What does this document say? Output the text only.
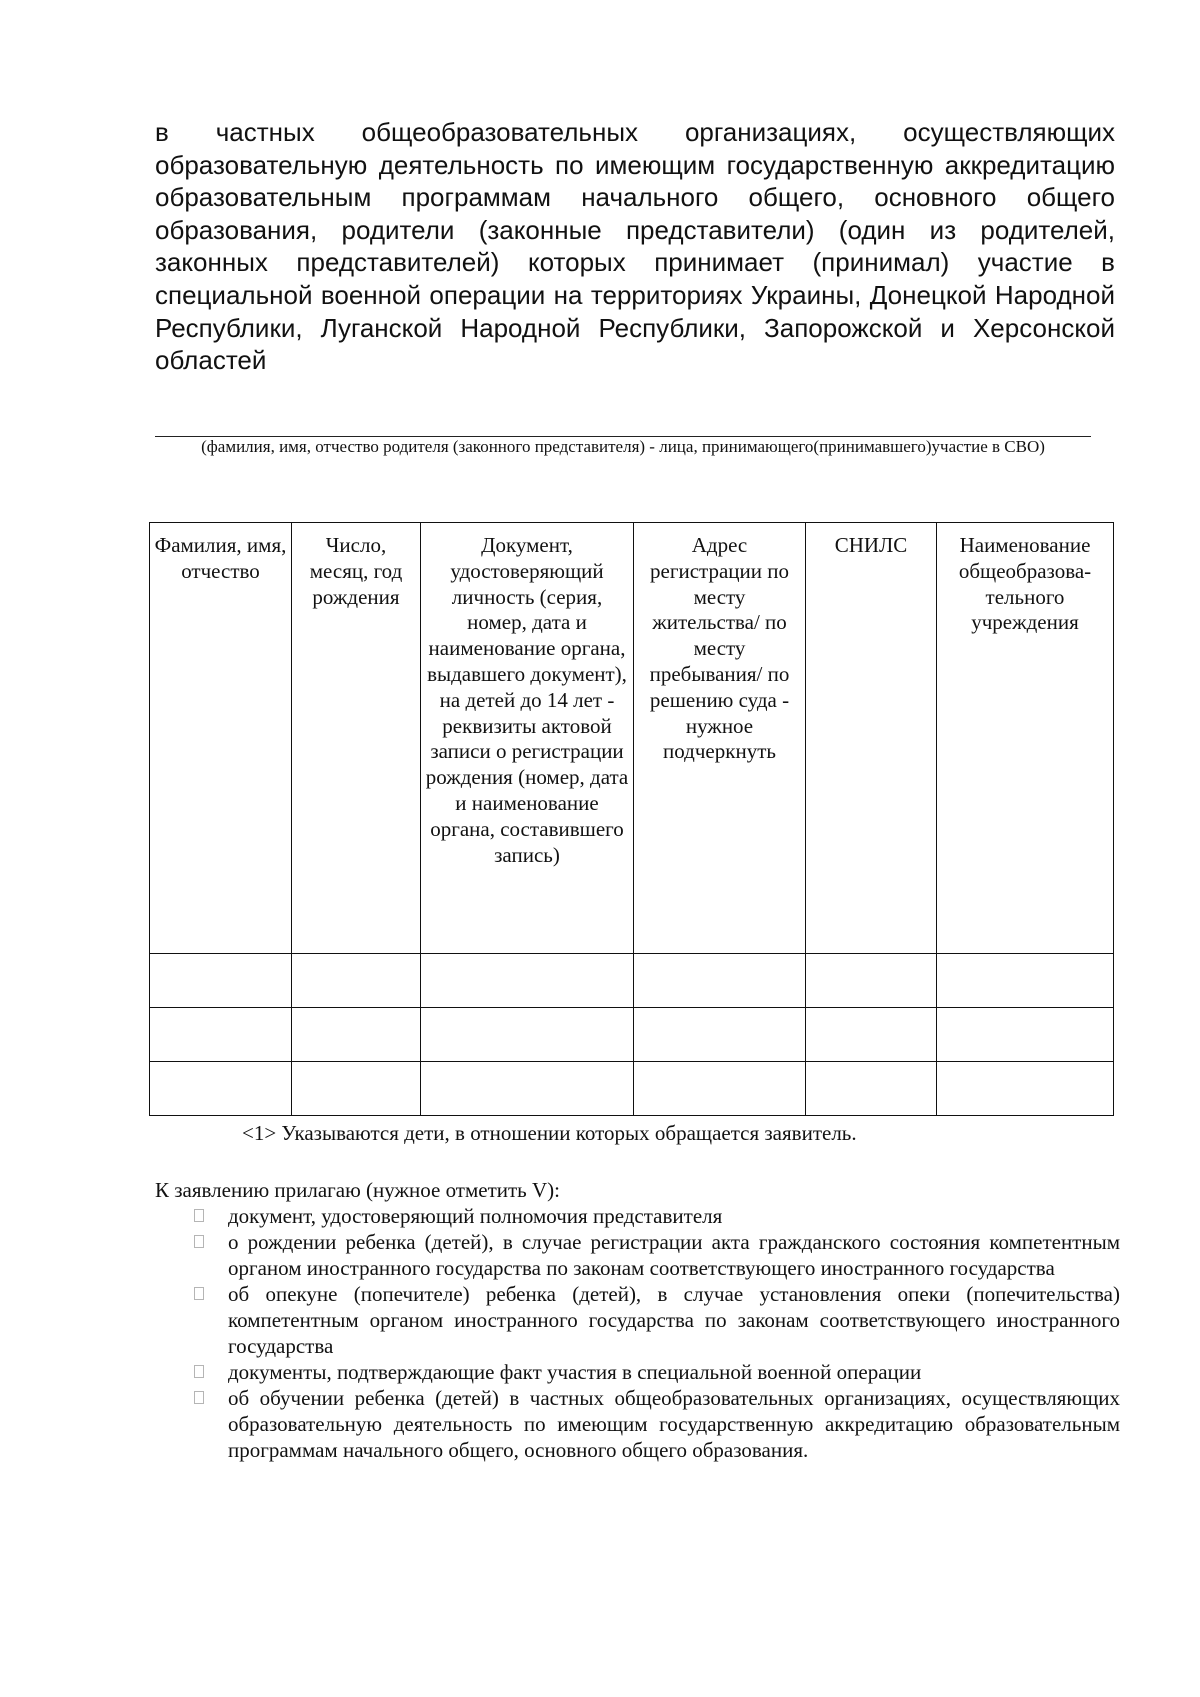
в частных общеобразовательных организациях, осуществляющих образовательную деятельность по имеющим государственную аккредитацию образовательным программам начального общего, основного общего образования, родители (законные представители) (один из родителей, законных представителей) которых принимает (принимал) участие в специальной военной операции на территориях Украины, Донецкой Народной Республики, Луганской Народной Республики, Запорожской и Херсонской областей

(фамилия, имя, отчество родителя (законного представителя) - лица, принимающего(принимавшего)участие в СВО)

Фамилия, имя, отчество	Число, месяц, год рождения	Документ, удостоверяющий личность (серия, номер, дата и наименование органа, выдавшего документ), на детей до 14 лет - реквизиты актовой записи о регистрации рождения (номер, дата и наименование органа, составившего запись)	Адрес регистрации по месту жительства/ по месту пребывания/ по решению суда - нужное подчеркнуть	СНИЛС	Наименование общеобразова-тельного учреждения

<1> Указываются дети, в отношении которых обращается заявитель.

К заявлению прилагаю (нужное отметить V):

документ, удостоверяющий полномочия представителя
о рождении ребенка (детей), в случае регистрации акта гражданского состояния компетентным органом иностранного государства по законам соответствующего иностранного государства
об опекуне (попечителе) ребенка (детей), в случае установления опеки (попечительства) компетентным органом иностранного государства по законам соответствующего иностранного государства
документы, подтверждающие факт участия в специальной военной операции
об обучении ребенка (детей) в частных общеобразовательных организациях, осуществляющих образовательную деятельность по имеющим государственную аккредитацию образовательным программам начального общего, основного общего образования.
